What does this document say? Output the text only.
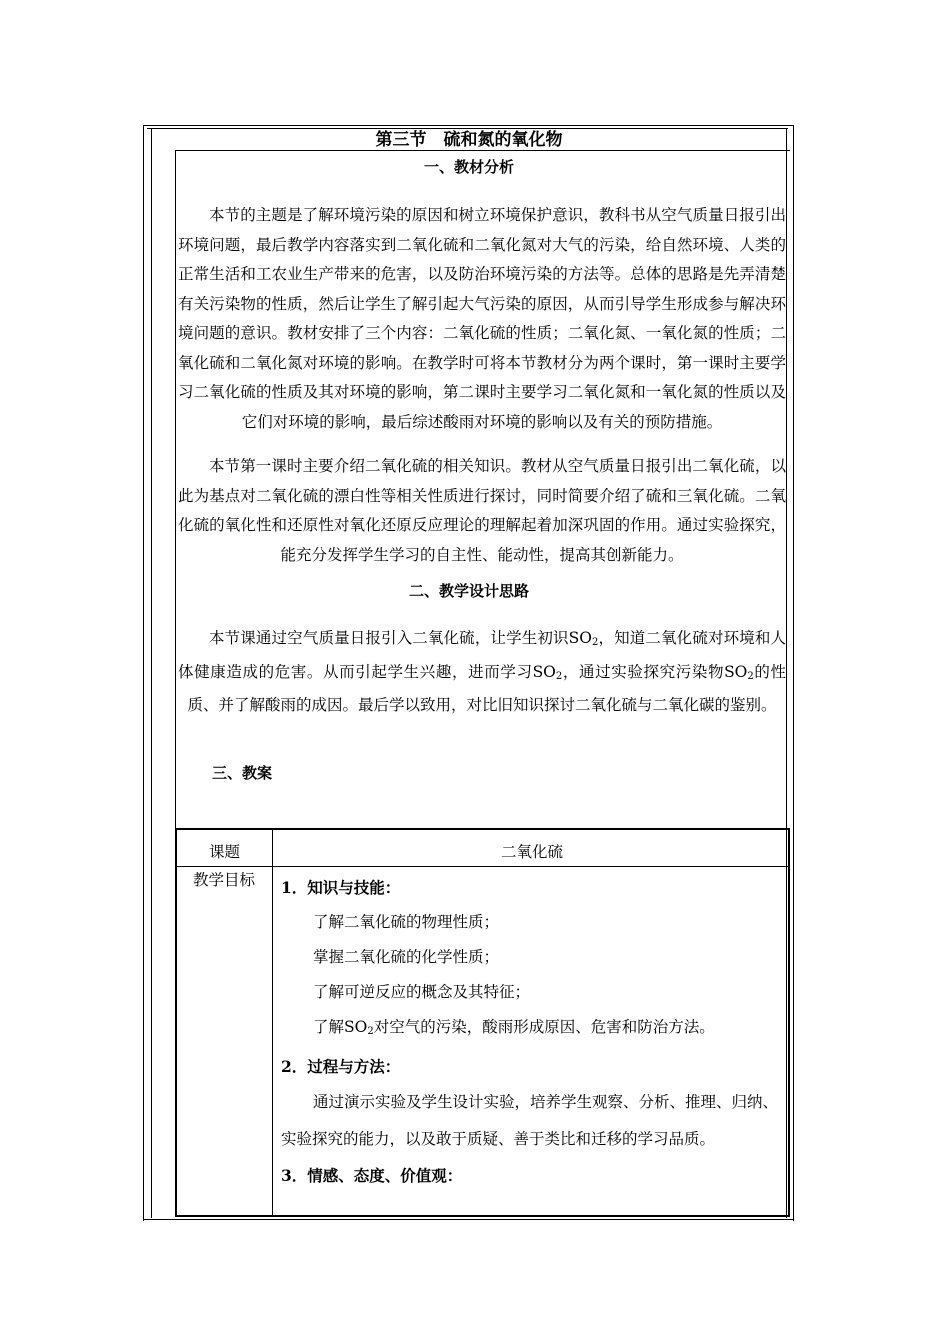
第三节　硫和氮的氧化物
一、教材分析

本节的主题是了解环境污染的原因和树立环境保护意识，教科书从空气质量日报引出环境问题，最后教学内容落实到二氧化硫和二氧化氮对大气的污染，给自然环境、人类的正常生活和工农业生产带来的危害，以及防治环境污染的方法等。总体的思路是先弄清楚有关污染物的性质，然后让学生了解引起大气污染的原因，从而引导学生形成参与解决环境问题的意识。教材安排了三个内容：二氧化硫的性质；二氧化氮、一氧化氮的性质；二氧化硫和二氧化氮对环境的影响。在教学时可将本节教材分为两个课时，第一课时主要学习二氧化硫的性质及其对环境的影响，第二课时主要学习二氧化氮和一氧化氮的性质以及它们对环境的影响，最后综述酸雨对环境的影响以及有关的预防措施。

本节第一课时主要介绍二氧化硫的相关知识。教材从空气质量日报引出二氧化硫，以此为基点对二氧化硫的漂白性等相关性质进行探讨，同时简要介绍了硫和三氧化硫。二氧化硫的氧化性和还原性对氧化还原反应理论的理解起着加深巩固的作用。通过实验探究，能充分发挥学生学习的自主性、能动性，提高其创新能力。

二、教学设计思路

本节课通过空气质量日报引入二氧化硫，让学生初识$SO_2$，知道二氧化硫对环境和人体健康造成的危害。从而引起学生兴趣，进而学习$SO_2$，通过实验探究污染物$SO_2$的性质、并了解酸雨的成因。最后学以致用，对比旧知识探讨二氧化硫与二氧化碳的鉴别。

三、教案
课题	二氧化硫
教学目标 1．知识与技能：
了解二氧化硫的物理性质；
掌握二氧化硫的化学性质；
了解可逆反应的概念及其特征；
了解$SO_2$对空气的污染，酸雨形成原因、危害和防治方法。
2．过程与方法：
通过演示实验及学生设计实验，培养学生观察、分析、推理、归纳、实验探究的能力，以及敢于质疑、善于类比和迁移的学习品质。
3．情感、态度、价值观：
